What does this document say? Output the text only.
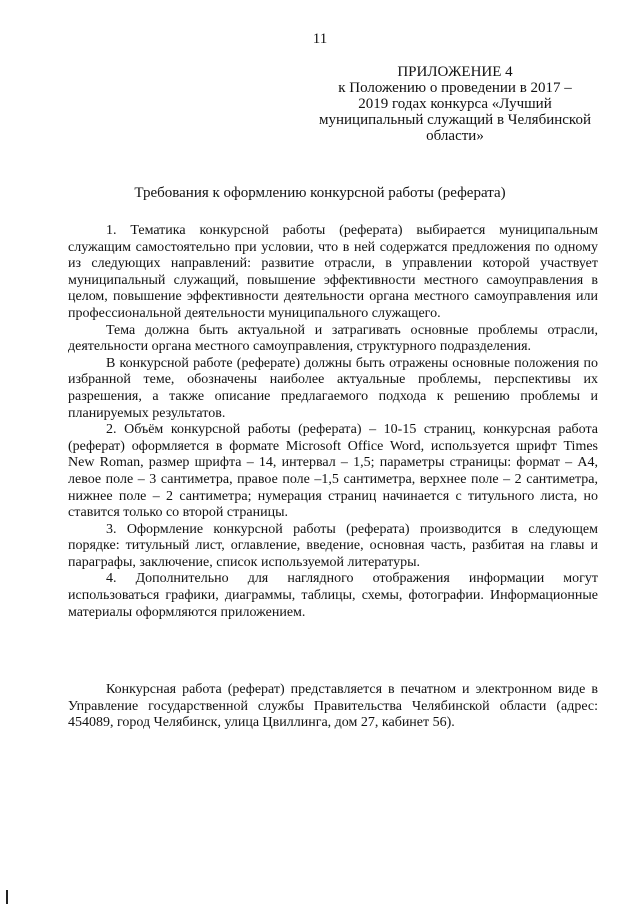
11
ПРИЛОЖЕНИЕ 4
к Положению о проведении в 2017 –
2019 годах конкурса «Лучший
муниципальный служащий в Челябинской
области»
Требования к оформлению конкурсной работы (реферата)

1. Тематика конкурсной работы (реферата) выбирается муниципальным служащим самостоятельно при условии, что в ней содержатся предложения по одному из следующих направлений: развитие отрасли, в управлении которой участвует муниципальный служащий, повышение эффективности местного самоуправления в целом, повышение эффективности деятельности органа местного самоуправления или профессиональной деятельности муниципального служащего.

Тема должна быть актуальной и затрагивать основные проблемы отрасли, деятельности органа местного самоуправления, структурного подразделения.

В конкурсной работе (реферате) должны быть отражены основные положения по избранной теме, обозначены наиболее актуальные проблемы, перспективы их разрешения, а также описание предлагаемого подхода к решению проблемы и планируемых результатов.

2. Объём конкурсной работы (реферата) – 10-15 страниц, конкурсная работа (реферат) оформляется в формате Microsoft Office Word, используется шрифт Times New Roman, размер шрифта – 14, интервал – 1,5; параметры страницы: формат – А4, левое поле – 3 сантиметра, правое поле –1,5 сантиметра, верхнее поле – 2 сантиметра, нижнее поле – 2 сантиметра; нумерация страниц начинается с титульного листа, но ставится только со второй страницы.

3. Оформление конкурсной работы (реферата) производится в следующем порядке: титульный лист, оглавление, введение, основная часть, разбитая на главы и параграфы, заключение, список используемой литературы.

4. Дополнительно для наглядного отображения информации могут использоваться графики, диаграммы, таблицы, схемы, фотографии. Информационные материалы оформляются приложением.

Конкурсная работа (реферат) представляется в печатном и электронном виде в Управление государственной службы Правительства Челябинской области (адрес: 454089, город Челябинск, улица Цвиллинга, дом 27, кабинет 56).
